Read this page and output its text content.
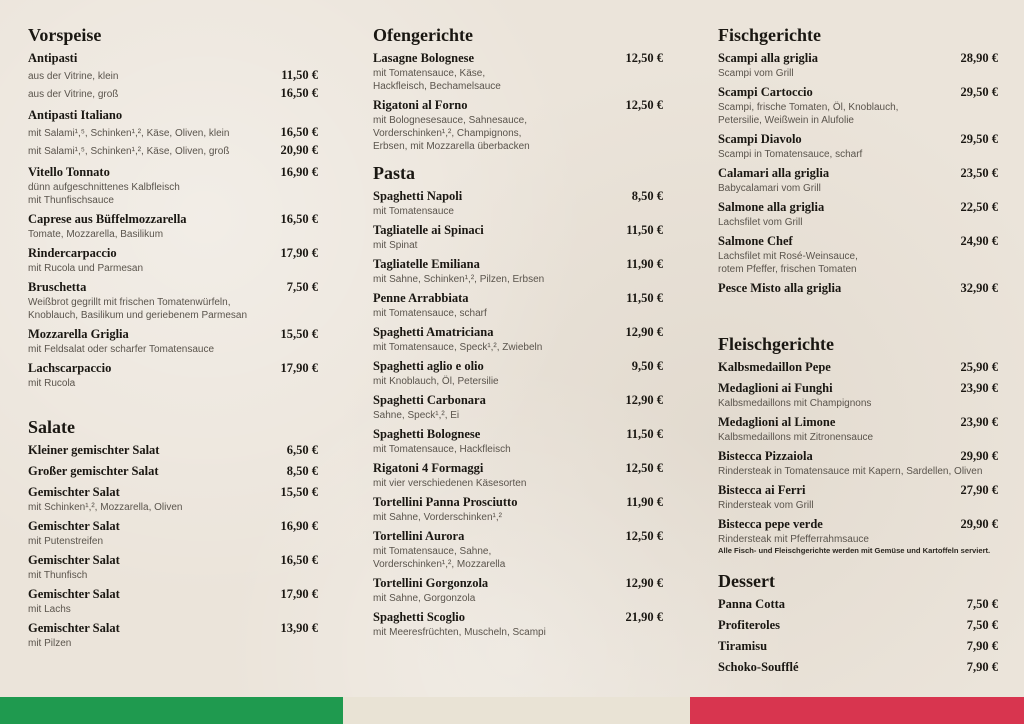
Vorspeise
Antipasti
aus der Vitrine, klein	11,50 €
aus der Vitrine, groß	16,50 €
Antipasti Italiano
mit Salami¹,⁵, Schinken¹,², Käse, Oliven, klein	16,50 €
mit Salami¹,⁵, Schinken¹,², Käse, Oliven, groß	20,90 €
Vitello Tonnato	16,90 €
dünn aufgeschnittenes Kalbfleisch
mit Thunfischsauce
Caprese aus Büffelmozzarella	16,50 €
Tomate, Mozzarella, Basilikum
Rindercarpaccio	17,90 €
mit Rucola und Parmesan
Bruschetta	7,50 €
Weißbrot gegrillt mit frischen Tomatenwürfeln,
Knoblauch, Basilikum und geriebenem Parmesan
Mozzarella Griglia	15,50 €
mit Feldsalat oder scharfer Tomatensauce
Lachscarpaccio	17,90 €
mit Rucola
Salate
Kleiner gemischter Salat	6,50 €
Großer gemischter Salat	8,50 €
Gemischter Salat	15,50 €
mit Schinken¹,², Mozzarella, Oliven
Gemischter Salat	16,90 €
mit Putenstreifen
Gemischter Salat	16,50 €
mit Thunfisch
Gemischter Salat	17,90 €
mit Lachs
Gemischter Salat	13,90 €
mit Pilzen
Ofengerichte
Lasagne Bolognese	12,50 €
mit Tomatensauce, Käse,
Hackfleisch, Bechamelsauce
Rigatoni al Forno	12,50 €
mit Bolognesesauce, Sahnesauce,
Vorderschinken¹,², Champignons,
Erbsen, mit Mozzarella überbacken
Pasta
Spaghetti Napoli	8,50 €
mit Tomatensauce
Tagliatelle ai Spinaci	11,50 €
mit Spinat
Tagliatelle Emiliana	11,90 €
mit Sahne, Schinken¹,², Pilzen, Erbsen
Penne Arrabbiata	11,50 €
mit Tomatensauce, scharf
Spaghetti Amatriciana	12,90 €
mit Tomatensauce, Speck¹,², Zwiebeln
Spaghetti aglio e olio	9,50 €
mit Knoblauch, Öl, Petersilie
Spaghetti Carbonara	12,90 €
Sahne, Speck¹,², Ei
Spaghetti Bolognese	11,50 €
mit Tomatensauce, Hackfleisch
Rigatoni 4 Formaggi	12,50 €
mit vier verschiedenen Käsesorten
Tortellini Panna Prosciutto	11,90 €
mit Sahne, Vorderschinken¹,²
Tortellini Aurora	12,50 €
mit Tomatensauce, Sahne,
Vorderschinken¹,², Mozzarella
Tortellini Gorgonzola	12,90 €
mit Sahne, Gorgonzola
Spaghetti Scoglio	21,90 €
mit Meeresfrüchten, Muscheln, Scampi
Fischgerichte
Scampi alla griglia	28,90 €
Scampi vom Grill
Scampi Cartoccio	29,50 €
Scampi, frische Tomaten, Öl, Knoblauch,
Petersilie, Weißwein in Alufolie
Scampi Diavolo	29,50 €
Scampi in Tomatensauce, scharf
Calamari alla griglia	23,50 €
Babycalamari vom Grill
Salmone alla griglia	22,50 €
Lachsfilet vom Grill
Salmone Chef	24,90 €
Lachsfilet mit Rosé-Weinsauce,
rotem Pfeffer, frischen Tomaten
Pesce Misto alla griglia	32,90 €
Fleischgerichte
Kalbsmedaillon Pepe	25,90 €
Medaglioni ai Funghi	23,90 €
Kalbsmedaillons mit Champignons
Medaglioni al Limone	23,90 €
Kalbsmedaillons mit Zitronensauce
Bistecca Pizzaiola	29,90 €
Rindersteak in Tomatensauce mit Kapern, Sardellen, Oliven
Bistecca ai Ferri	27,90 €
Rindersteak vom Grill
Bistecca pepe verde	29,90 €
Rindersteak mit Pfefferrahmsauce
Dessert
Panna Cotta	7,50 €
Profiteroles	7,50 €
Tiramisu	7,90 €
Schoko-Soufflé	7,90 €
Alle Fisch- und Fleischgerichte werden mit Gemüse und Kartoffeln serviert.
